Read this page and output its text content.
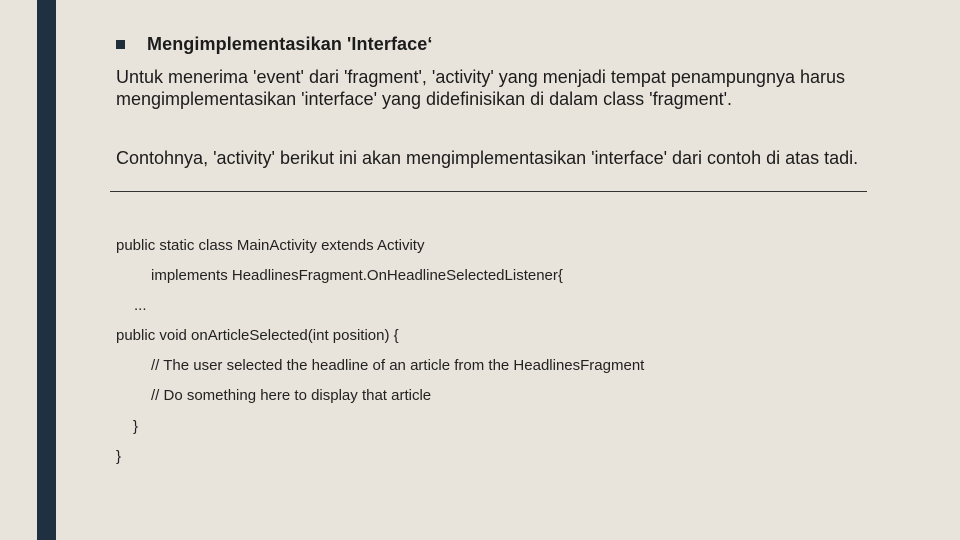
Mengimplementasikan 'Interface‘

Untuk menerima 'event' dari 'fragment', 'activity' yang menjadi tempat penampungnya harus mengimplementasikan 'interface' yang didefinisikan di dalam class 'fragment'.

Contohnya, 'activity' berikut ini akan mengimplementasikan 'interface' dari contoh di atas tadi.

public static class MainActivity extends Activity
implements HeadlinesFragment.OnHeadlineSelectedListener{
...
public void onArticleSelected(int position) {
// The user selected the headline of an article from the HeadlinesFragment
// Do something here to display that article
}
}
